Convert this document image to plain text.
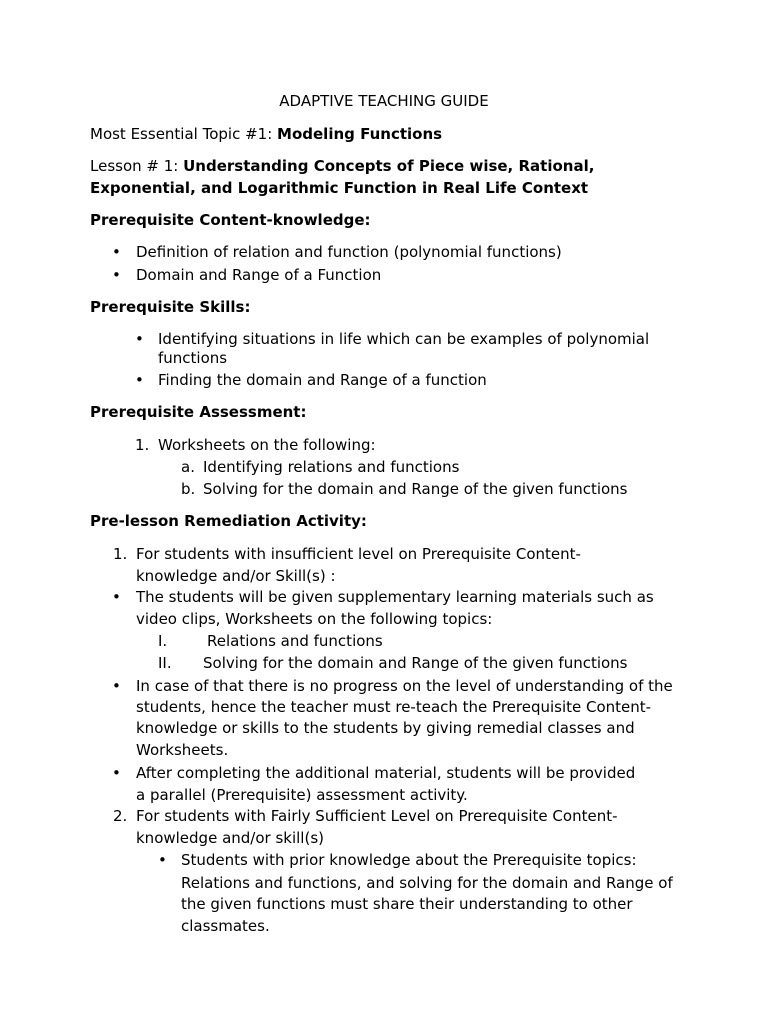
ADAPTIVE TEACHING GUIDE
Most Essential Topic #1: Modeling Functions
Lesson # 1: Understanding Concepts of Piece wise, Rational,
Exponential, and Logarithmic Function in Real Life Context
Prerequisite Content-knowledge:
• Definition of relation and function (polynomial functions)
• Domain and Range of a Function
Prerequisite Skills:
• Identifying situations in life which can be examples of polynomial
functions
• Finding the domain and Range of a function
Prerequisite Assessment:
1. Worksheets on the following:
a. Identifying relations and functions
b. Solving for the domain and Range of the given functions
Pre-lesson Remediation Activity:
1. For students with insufficient level on Prerequisite Content-
knowledge and/or Skill(s) :
• The students will be given supplementary learning materials such as
video clips, Worksheets on the following topics:
I.	Relations and functions
II. Solving for the domain and Range of the given functions
• In case of that there is no progress on the level of understanding of the
students, hence the teacher must re-teach the Prerequisite Content-
knowledge or skills to the students by giving remedial classes and
Worksheets.
• After completing the additional material, students will be provided
a parallel (Prerequisite) assessment activity.
2. For students with Fairly Sufficient Level on Prerequisite Content-
knowledge and/or skill(s)
• Students with prior knowledge about the Prerequisite topics:
Relations and functions, and solving for the domain and Range of
the given functions must share their understanding to other
classmates.
